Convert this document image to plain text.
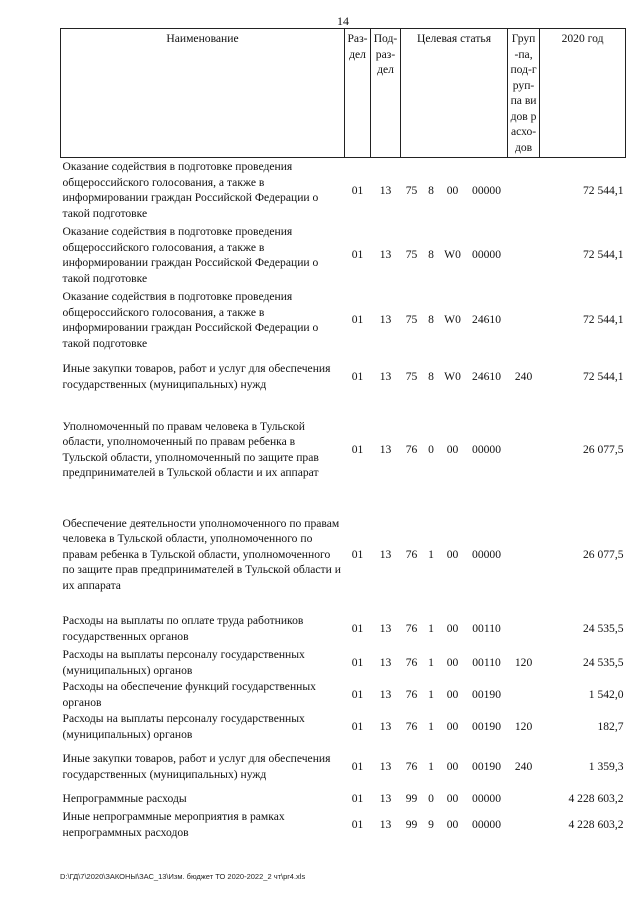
14
Наименование	Раз-дел	Под-раз-дел	Целевая статья				Груп-па, под-груп-па видов расхо-дов	2020 год
Оказание содействия в подготовке проведения общероссийского голосования, а также в информировании граждан Российской Федерации о такой подготовке	01	13	75	8	00	00000		72 544,1
Оказание содействия в подготовке проведения общероссийского голосования, а также в информировании граждан Российской Федерации о такой подготовке	01	13	75	8	W0	00000		72 544,1
Оказание содействия в подготовке проведения общероссийского голосования, а также в информировании граждан Российской Федерации о такой подготовке	01	13	75	8	W0	24610		72 544,1
Иные закупки товаров, работ и услуг для обеспечения государственных (муниципальных) нужд	01	13	75	8	W0	24610	240	72 544,1
Уполномоченный по правам человека в Тульской области, уполномоченный по правам ребенка в Тульской области, уполномоченный по защите прав предпринимателей в Тульской области и их аппарат	01	13	76	0	00	00000		26 077,5
Обеспечение деятельности уполномоченного по правам человека в Тульской области, уполномоченного по правам ребенка в Тульской области, уполномоченного по защите прав предпринимателей в Тульской области и их аппарата	01	13	76	1	00	00000		26 077,5
Расходы на выплаты по оплате труда работников государственных органов	01	13	76	1	00	00110		24 535,5
Расходы на выплаты персоналу государственных (муниципальных) органов	01	13	76	1	00	00110	120	24 535,5
Расходы на обеспечение функций государственных органов	01	13	76	1	00	00190		1 542,0
Расходы на выплаты персоналу государственных (муниципальных) органов	01	13	76	1	00	00190	120	182,7
Иные закупки товаров, работ и услуг для обеспечения государственных (муниципальных) нужд	01	13	76	1	00	00190	240	1 359,3
Непрограммные расходы	01	13	99	0	00	00000		4 228 603,2
Иные непрограммные мероприятия в рамках непрограммных расходов	01	13	99	9	00	00000		4 228 603,2
D:\ГД\7\2020\ЗАКОНЫ\ЗАС_13\Изм. бюджет ТО 2020-2022_2 чт\pr4.xls
